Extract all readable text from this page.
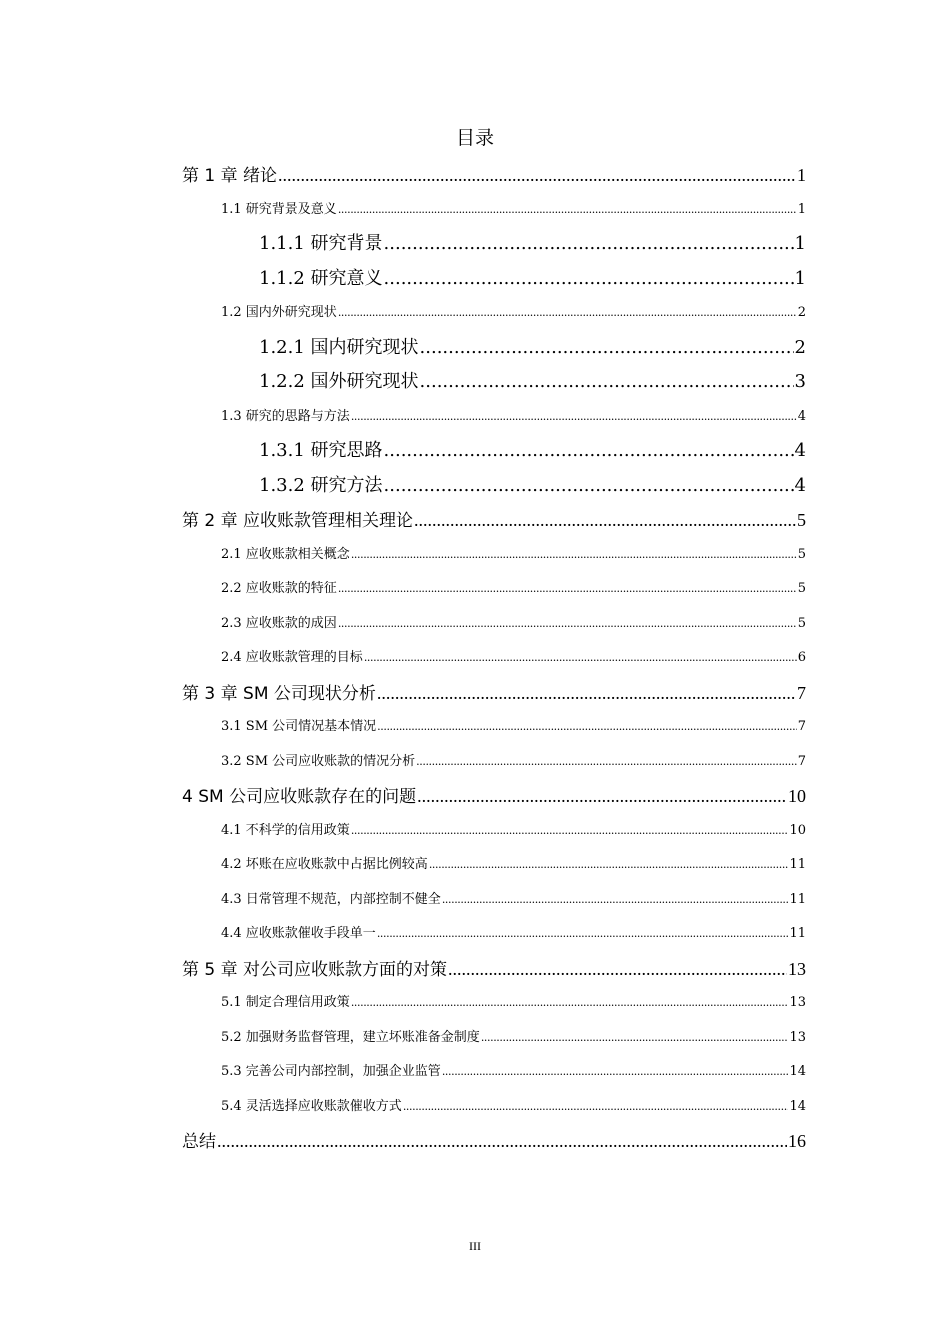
目录
第 1 章 绪论 .....	1
1.1 研究背景及意义 .....	1
1.1.1 研究背景 .....	1
1.1.2 研究意义 .....	1
1.2 国内外研究现状 .....	2
1.2.1 国内研究现状 .....	2
1.2.2 国外研究现状 .....	3
1.3 研究的思路与方法 .....	4
1.3.1 研究思路 .....	4
1.3.2 研究方法 .....	4
第 2 章 应收账款管理相关理论 .....	5
2.1 应收账款相关概念 .....	5
2.2 应收账款的特征 .....	5
2.3 应收账款的成因 .....	5
2.4 应收账款管理的目标 .....	6
第 3 章 SM 公司现状分析 .....	7
3.1 SM 公司情况基本情况 .....	7
3.2 SM 公司应收账款的情况分析 .....	7
4 SM 公司应收账款存在的问题 .....	10
4.1 不科学的信用政策 .....	10
4.2 坏账在应收账款中占据比例较高 .....	11
4.3 日常管理不规范，内部控制不健全 .....	11
4.4 应收账款催收手段单一 .....	11
第 5 章 对公司应收账款方面的对策 .....	13
5.1 制定合理信用政策 .....	13
5.2 加强财务监督管理，建立坏账准备金制度 .....	13
5.3 完善公司内部控制，加强企业监管 .....	14
5.4 灵活选择应收账款催收方式 .....	14
总结 .....	16
III
